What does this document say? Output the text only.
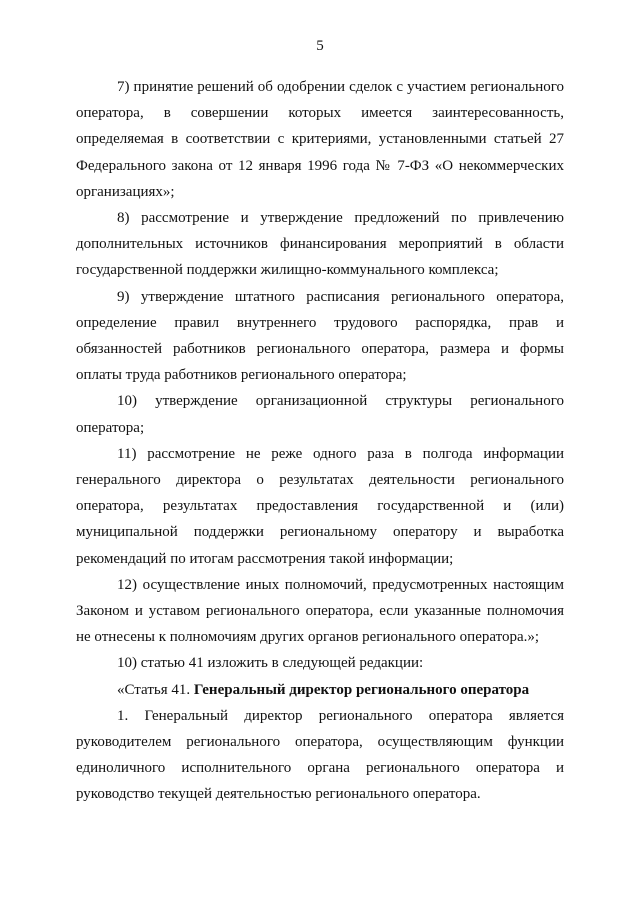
5

7) принятие решений об одобрении сделок с участием регионального оператора, в совершении которых имеется заинтересованность, определяемая в соответствии с критериями, установленными статьей 27 Федерального закона от 12 января 1996 года № 7-ФЗ «О некоммерческих организациях»;

8) рассмотрение и утверждение предложений по привлечению дополнительных источников финансирования мероприятий в области государственной поддержки жилищно-коммунального комплекса;

9) утверждение штатного расписания регионального оператора, определение правил внутреннего трудового распорядка, прав и обязанностей работников регионального оператора, размера и формы оплаты труда работников регионального оператора;

10) утверждение организационной структуры регионального оператора;

11) рассмотрение не реже одного раза в полгода информации генерального директора о результатах деятельности регионального оператора, результатах предоставления государственной и (или) муниципальной поддержки региональному оператору и выработка рекомендаций по итогам рассмотрения такой информации;

12) осуществление иных полномочий, предусмотренных настоящим Законом и уставом регионального оператора, если указанные полномочия не отнесены к полномочиям других органов регионального оператора.»;

10) статью 41 изложить в следующей редакции:

«Статья 41. Генеральный директор регионального оператора

1. Генеральный директор регионального оператора является руководителем регионального оператора, осуществляющим функции единоличного исполнительного органа регионального оператора и руководство текущей деятельностью регионального оператора.
